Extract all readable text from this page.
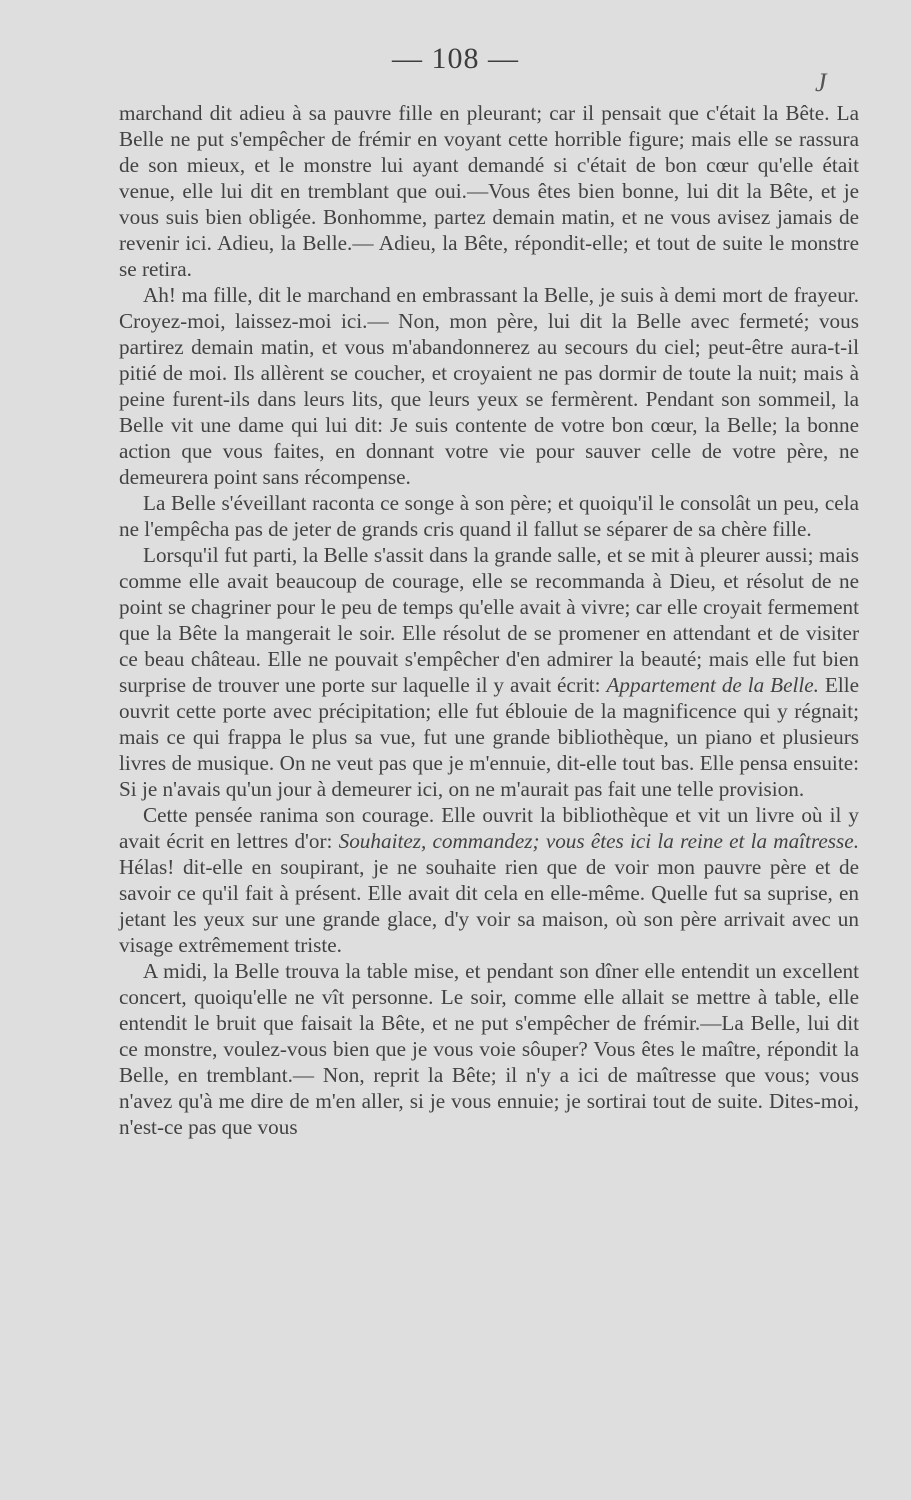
— 108 —
J

marchand dit adieu à sa pauvre fille en pleurant; car il pensait que c'était la Bête. La Belle ne put s'empêcher de frémir en voyant cette horrible figure; mais elle se rassura de son mieux, et le monstre lui ayant demandé si c'était de bon cœur qu'elle était venue, elle lui dit en tremblant que oui.—Vous êtes bien bonne, lui dit la Bête, et je vous suis bien obligée. Bonhomme, partez demain matin, et ne vous avisez jamais de revenir ici. Adieu, la Belle.— Adieu, la Bête, répondit-elle; et tout de suite le monstre se retira.

Ah! ma fille, dit le marchand en embrassant la Belle, je suis à demi mort de frayeur. Croyez-moi, laissez-moi ici.— Non, mon père, lui dit la Belle avec fermeté; vous partirez demain matin, et vous m'abandonnerez au secours du ciel; peut-être aura-t-il pitié de moi. Ils allèrent se coucher, et croyaient ne pas dormir de toute la nuit; mais à peine furent-ils dans leurs lits, que leurs yeux se fermèrent. Pendant son sommeil, la Belle vit une dame qui lui dit: Je suis contente de votre bon cœur, la Belle; la bonne action que vous faites, en donnant votre vie pour sauver celle de votre père, ne demeurera point sans récompense.

La Belle s'éveillant raconta ce songe à son père; et quoiqu'il le consolât un peu, cela ne l'empêcha pas de jeter de grands cris quand il fallut se séparer de sa chère fille.

Lorsqu'il fut parti, la Belle s'assit dans la grande salle, et se mit à pleurer aussi; mais comme elle avait beaucoup de courage, elle se recommanda à Dieu, et résolut de ne point se chagriner pour le peu de temps qu'elle avait à vivre; car elle croyait fermement que la Bête la mangerait le soir. Elle résolut de se promener en attendant et de visiter ce beau château. Elle ne pouvait s'empêcher d'en admirer la beauté; mais elle fut bien surprise de trouver une porte sur laquelle il y avait écrit: Appartement de la Belle. Elle ouvrit cette porte avec précipitation; elle fut éblouie de la magnificence qui y régnait; mais ce qui frappa le plus sa vue, fut une grande bibliothèque, un piano et plusieurs livres de musique. On ne veut pas que je m'ennuie, dit-elle tout bas. Elle pensa ensuite: Si je n'avais qu'un jour à demeurer ici, on ne m'aurait pas fait une telle provision.

Cette pensée ranima son courage. Elle ouvrit la bibliothèque et vit un livre où il y avait écrit en lettres d'or: Souhaitez, commandez; vous êtes ici la reine et la maîtresse. Hélas! dit-elle en soupirant, je ne souhaite rien que de voir mon pauvre père et de savoir ce qu'il fait à présent. Elle avait dit cela en elle-même. Quelle fut sa suprise, en jetant les yeux sur une grande glace, d'y voir sa maison, où son père arrivait avec un visage extrêmement triste.

A midi, la Belle trouva la table mise, et pendant son dîner elle entendit un excellent concert, quoiqu'elle ne vît personne. Le soir, comme elle allait se mettre à table, elle entendit le bruit que faisait la Bête, et ne put s'empêcher de frémir.—La Belle, lui dit ce monstre, voulez-vous bien que je vous voie sôuper? Vous êtes le maître, répondit la Belle, en tremblant.— Non, reprit la Bête; il n'y a ici de maîtresse que vous; vous n'avez qu'à me dire de m'en aller, si je vous ennuie; je sortirai tout de suite. Dites-moi, n'est-ce pas que vous
